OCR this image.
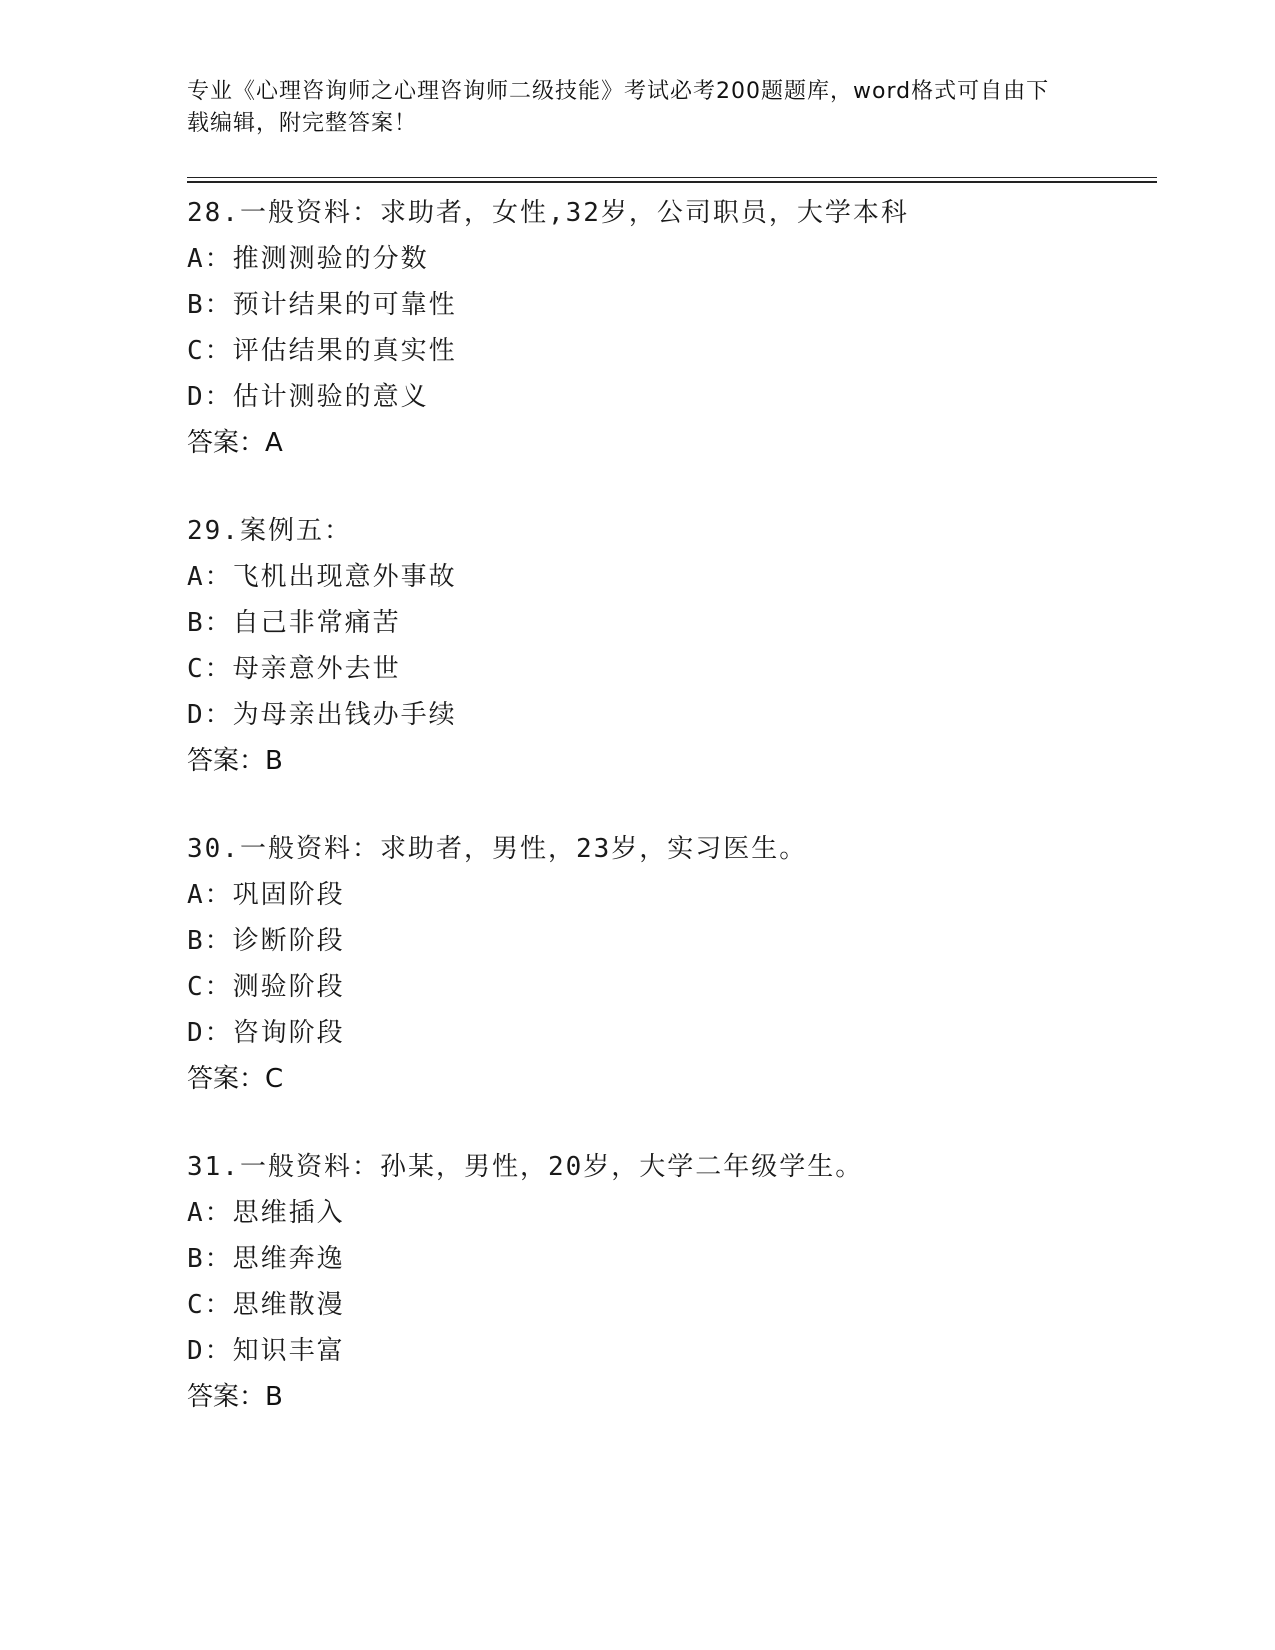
专业《心理咨询师之心理咨询师二级技能》考试必考200题题库，word格式可自由下载编辑，附完整答案！
28.一般资料：求助者，女性,32岁，公司职员，大学本科
A：推测测验的分数
B：预计结果的可靠性
C：评估结果的真实性
D：估计测验的意义
答案：A
29.案例五：
A：飞机出现意外事故
B：自己非常痛苦
C：母亲意外去世
D：为母亲出钱办手续
答案：B
30.一般资料：求助者，男性，23岁，实习医生。
A：巩固阶段
B：诊断阶段
C：测验阶段
D：咨询阶段
答案：C
31.一般资料：孙某，男性，20岁，大学二年级学生。
A：思维插入
B：思维奔逸
C：思维散漫
D：知识丰富
答案：B
